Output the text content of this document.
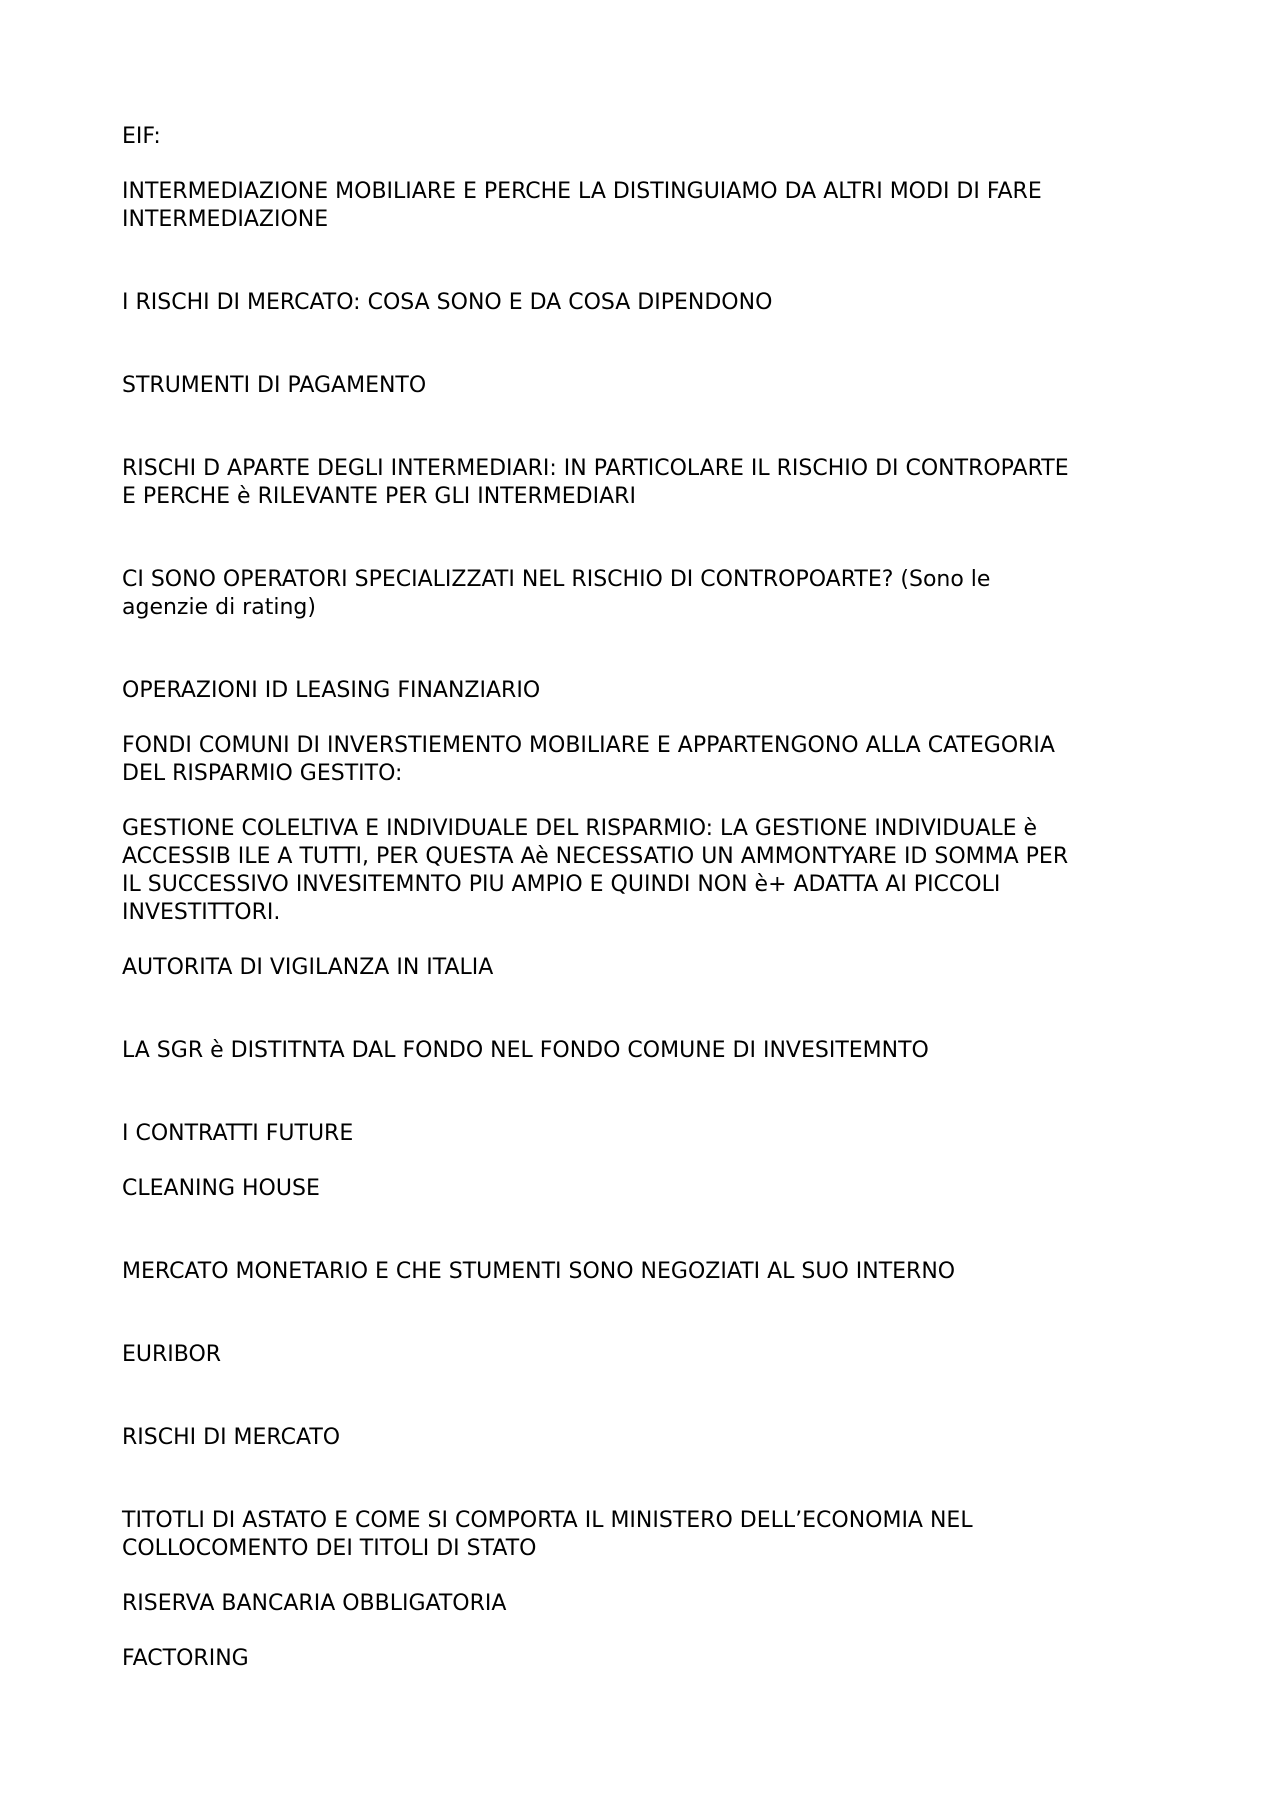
EIF:

INTERMEDIAZIONE MOBILIARE E PERCHE LA DISTINGUIAMO DA ALTRI MODI DI FARE

INTERMEDIAZIONE

I RISCHI DI MERCATO: COSA SONO E DA COSA DIPENDONO

STRUMENTI DI PAGAMENTO

RISCHI D APARTE DEGLI INTERMEDIARI: IN PARTICOLARE IL RISCHIO DI CONTROPARTE

E PERCHE è RILEVANTE PER GLI INTERMEDIARI

CI SONO OPERATORI SPECIALIZZATI NEL RISCHIO DI CONTROPOARTE? (Sono le

agenzie di rating)

OPERAZIONI ID LEASING FINANZIARIO

FONDI COMUNI DI INVERSTIEMENTO MOBILIARE E APPARTENGONO ALLA CATEGORIA

DEL RISPARMIO GESTITO:

GESTIONE COLELTIVA E INDIVIDUALE DEL RISPARMIO: LA GESTIONE INDIVIDUALE è

ACCESSIB ILE A TUTTI, PER QUESTA Aè NECESSATIO UN AMMONTYARE ID SOMMA PER

IL SUCCESSIVO INVESITEMNTO PIU AMPIO E QUINDI NON è+ ADATTA AI PICCOLI

INVESTITTORI.

AUTORITA DI VIGILANZA IN ITALIA

LA SGR è DISTITNTA DAL FONDO NEL FONDO COMUNE DI INVESITEMNTO

I CONTRATTI FUTURE

CLEANING HOUSE

MERCATO MONETARIO E CHE STUMENTI SONO NEGOZIATI AL SUO INTERNO

EURIBOR

RISCHI DI MERCATO

TITOTLI DI ASTATO E COME SI COMPORTA IL MINISTERO DELL’ECONOMIA NEL

COLLOCOMENTO DEI TITOLI DI STATO

RISERVA BANCARIA OBBLIGATORIA

FACTORING
